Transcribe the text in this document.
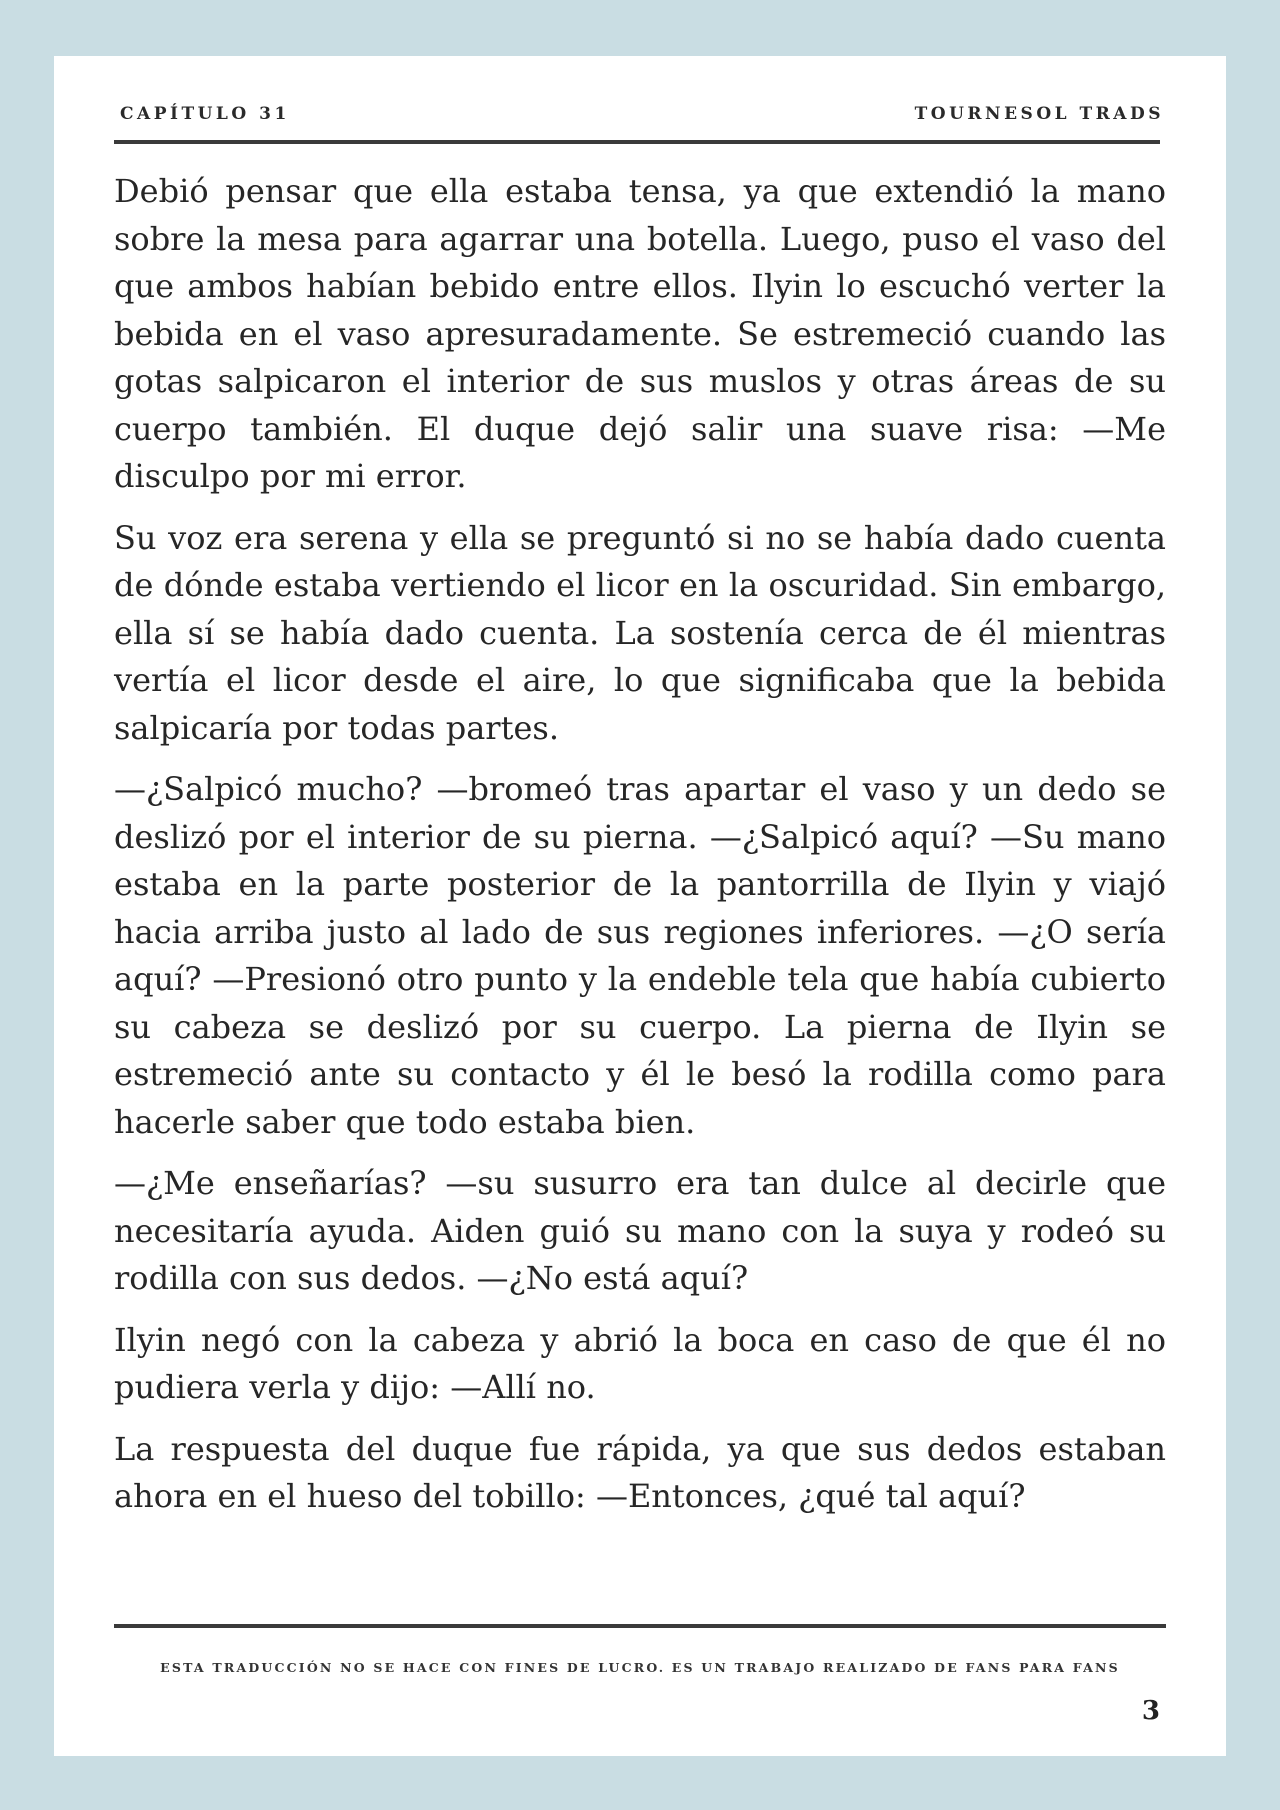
CAPÍTULO 31	TOURNESOL TRADS

Debió pensar que ella estaba tensa, ya que extendió la mano sobre la mesa para agarrar una botella. Luego, puso el vaso del que ambos habían bebido entre ellos. Ilyin lo escuchó verter la bebida en el vaso apresuradamente. Se estremeció cuando las gotas salpicaron el interior de sus muslos y otras áreas de su cuerpo también. El duque dejó salir una suave risa: —Me disculpo por mi error.

Su voz era serena y ella se preguntó si no se había dado cuenta de dónde estaba vertiendo el licor en la oscuridad. Sin embargo, ella sí se había dado cuenta. La sostenía cerca de él mientras vertía el licor desde el aire, lo que significaba que la bebida salpicaría por todas partes.

—¿Salpicó mucho? —bromeó tras apartar el vaso y un dedo se deslizó por el interior de su pierna. —¿Salpicó aquí? —Su mano estaba en la parte posterior de la pantorrilla de Ilyin y viajó hacia arriba justo al lado de sus regiones inferiores. —¿O sería aquí? —Presionó otro punto y la endeble tela que había cubierto su cabeza se deslizó por su cuerpo. La pierna de Ilyin se estremeció ante su contacto y él le besó la rodilla como para hacerle saber que todo estaba bien.

—¿Me enseñarías? —su susurro era tan dulce al decirle que necesitaría ayuda. Aiden guió su mano con la suya y rodeó su rodilla con sus dedos. —¿No está aquí?

Ilyin negó con la cabeza y abrió la boca en caso de que él no pudiera verla y dijo: —Allí no.

La respuesta del duque fue rápida, ya que sus dedos estaban ahora en el hueso del tobillo: —Entonces, ¿qué tal aquí?

ESTA TRADUCCIÓN NO SE HACE CON FINES DE LUCRO. ES UN TRABAJO REALIZADO DE FANS PARA FANS
3
